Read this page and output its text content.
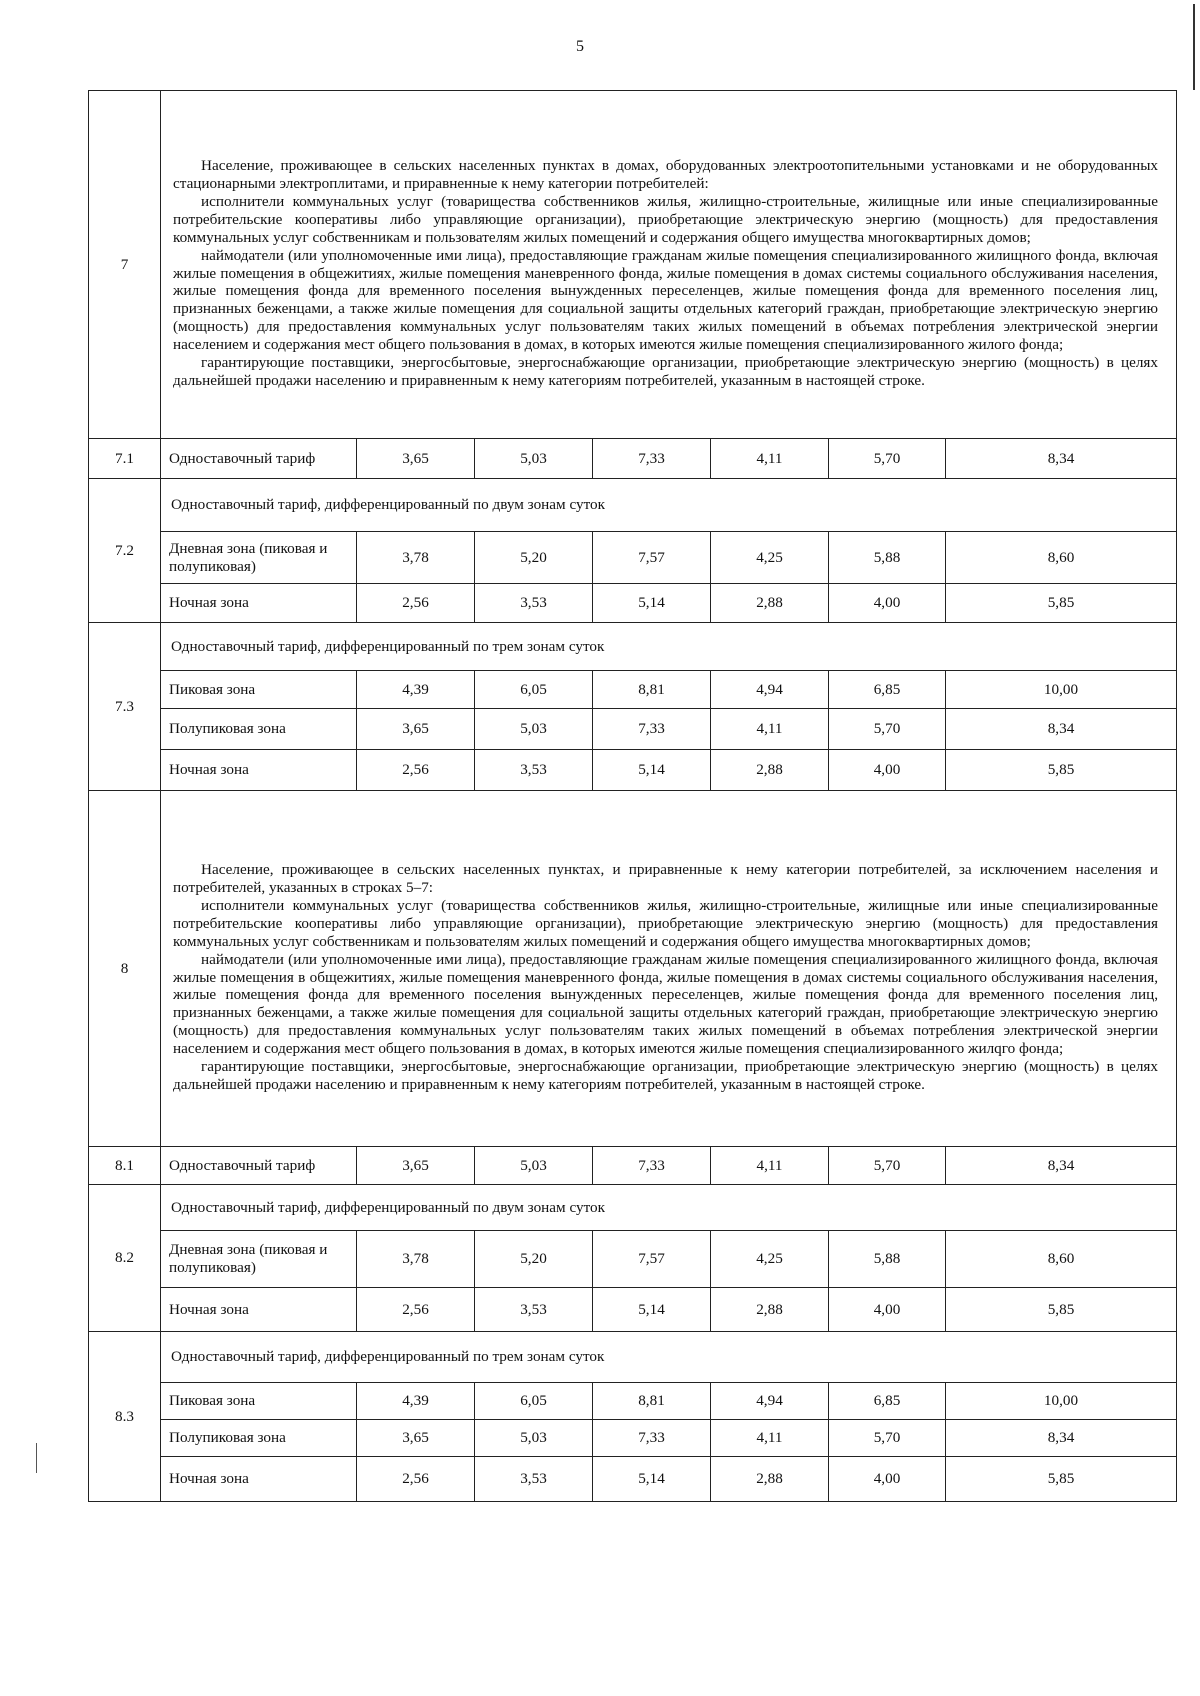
5
7	Население, проживающее в сельских населенных пунктах в домах, оборудованных электроотопительными установками и не оборудованных стационарными электроплитами, и приравненные к нему категории потребителей:

исполнители коммунальных услуг (товарищества собственников жилья, жилищно-строительные, жилищные или иные специализированные потребительские кооперативы либо управляющие организации), приобретающие электрическую энергию (мощность) для предоставления коммунальных услуг собственникам и пользователям жилых помещений и содержания общего имущества многоквартирных домов;

наймодатели (или уполномоченные ими лица), предоставляющие гражданам жилые помещения специализированного жилищного фонда, включая жилые помещения в общежитиях, жилые помещения маневренного фонда, жилые помещения в домах системы социального обслуживания населения, жилые помещения фонда для временного поселения вынужденных переселенцев, жилые помещения фонда для временного поселения лиц, признанных беженцами, а также жилые помещения для социальной защиты отдельных категорий граждан, приобретающие электрическую энергию (мощность) для предоставления коммунальных услуг пользователям таких жилых помещений в объемах потребления электрической энергии населением и содержания мест общего пользования в домах, в которых имеются жилые помещения специализированного жилого фонда;

гарантирующие поставщики, энергосбытовые, энергоснабжающие организации, приобретающие электрическую энергию (мощность) в целях дальнейшей продажи населению и приравненным к нему категориям потребителей, указанным в настоящей строке.						

7.1	Одноставочный тариф	3,65	5,03	7,33	4,11	5,70	8,34
7.2	Одноставочный тариф, дифференцированный по двум зонам суток						
	Дневная зона (пиковая и полупиковая)	3,78	5,20	7,57	4,25	5,88	8,60
	Ночная зона	2,56	3,53	5,14	2,88	4,00	5,85
7.3	Одноставочный тариф, дифференцированный по трем зонам суток						
	Пиковая зона	4,39	6,05	8,81	4,94	6,85	10,00
	Полупиковая зона	3,65	5,03	7,33	4,11	5,70	8,34
	Ночная зона	2,56	3,53	5,14	2,88	4,00	5,85
8	Население, проживающее в сельских населенных пунктах, и приравненные к нему категории потребителей, за исключением населения и потребителей, указанных в строках 5–7:

исполнители коммунальных услуг (товарищества собственников жилья, жилищно-строительные, жилищные или иные специализированные потребительские кооперативы либо управляющие организации), приобретающие электрическую энергию (мощность) для предоставления коммунальных услуг собственникам и пользователям жилых помещений и содержания общего имущества многоквартирных домов;

наймодатели (или уполномоченные ими лица), предоставляющие гражданам жилые помещения специализированного жилищного фонда, включая жилые помещения в общежитиях, жилые помещения маневренного фонда, жилые помещения в домах системы социального обслуживания населения, жилые помещения фонда для временного поселения вынужденных переселенцев, жилые помещения фонда для временного поселения лиц, признанных беженцами, а также жилые помещения для социальной защиты отдельных категорий граждан, приобретающие электрическую энергию (мощность) для предоставления коммунальных услуг пользователям таких жилых помещений в объемах потребления электрической энергии населением и содержания мест общего пользования в домах, в которых имеются жилые помещения специализированного жилqго фонда;

гарантирующие поставщики, энергосбытовые, энергоснабжающие организации, приобретающие электрическую энергию (мощность) в целях дальнейшей продажи населению и приравненным к нему категориям потребителей, указанным в настоящей строке.						

8.1	Одноставочный тариф	3,65	5,03	7,33	4,11	5,70	8,34
8.2	Одноставочный тариф, дифференцированный по двум зонам суток						
	Дневная зона (пиковая и полупиковая)	3,78	5,20	7,57	4,25	5,88	8,60
	Ночная зона	2,56	3,53	5,14	2,88	4,00	5,85
8.3	Одноставочный тариф, дифференцированный по трем зонам суток						
	Пиковая зона	4,39	6,05	8,81	4,94	6,85	10,00
	Полупиковая зона	3,65	5,03	7,33	4,11	5,70	8,34
	Ночная зона	2,56	3,53	5,14	2,88	4,00	5,85
